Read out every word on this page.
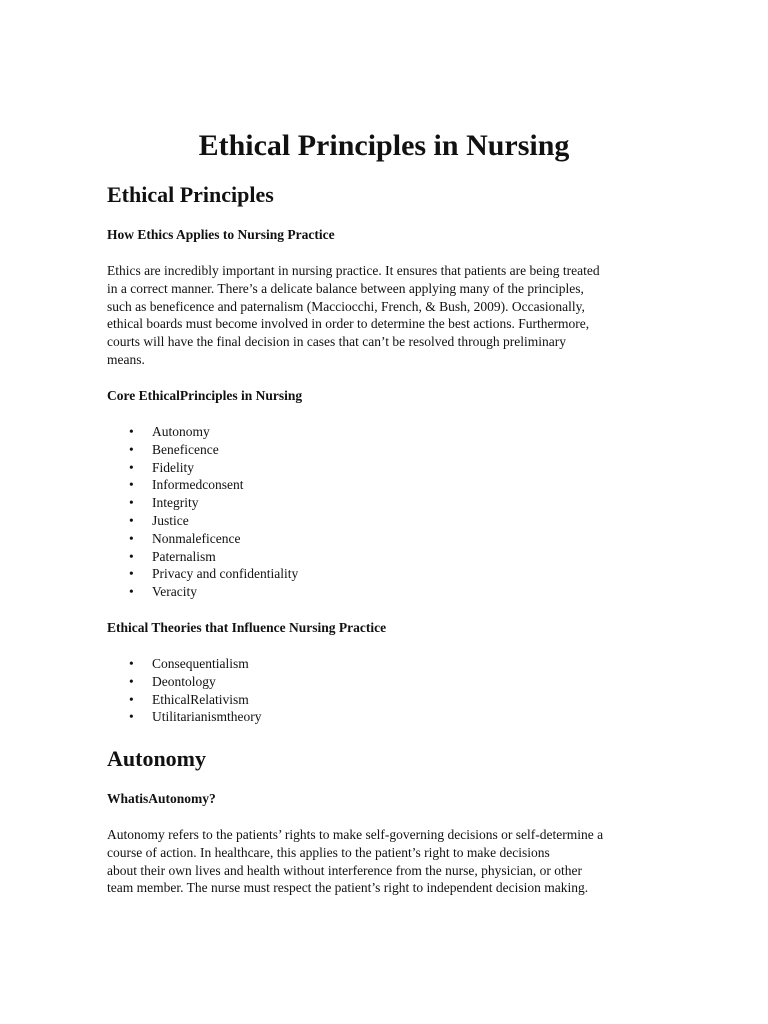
Ethical Principles in Nursing
Ethical Principles
How Ethics Applies to Nursing Practice

Ethics are incredibly important in nursing practice. It ensures that patients are being treated
in a correct manner. There’s a delicate balance between applying many of the principles,
such as beneficence and paternalism (Macciocchi, French, & Bush, 2009). Occasionally,
ethical boards must become involved in order to determine the best actions. Furthermore,
courts will have the final decision in cases that can’t be resolved through preliminary
means.

Core EthicalPrinciples in Nursing
• Autonomy
• Beneficence
• Fidelity
• Informedconsent
• Integrity
• Justice
• Nonmaleficence
• Paternalism
• Privacy and confidentiality
• Veracity
Ethical Theories that Influence Nursing Practice
• Consequentialism
• Deontology
• EthicalRelativism
• Utilitarianismtheory
Autonomy
WhatisAutonomy?

Autonomy refers to the patients’ rights to make self-governing decisions or self-determine a
course of action. In healthcare, this applies to the patient’s right to make decisions
about their own lives and health without interference from the nurse, physician, or other
team member. The nurse must respect the patient’s right to independent decision making.
